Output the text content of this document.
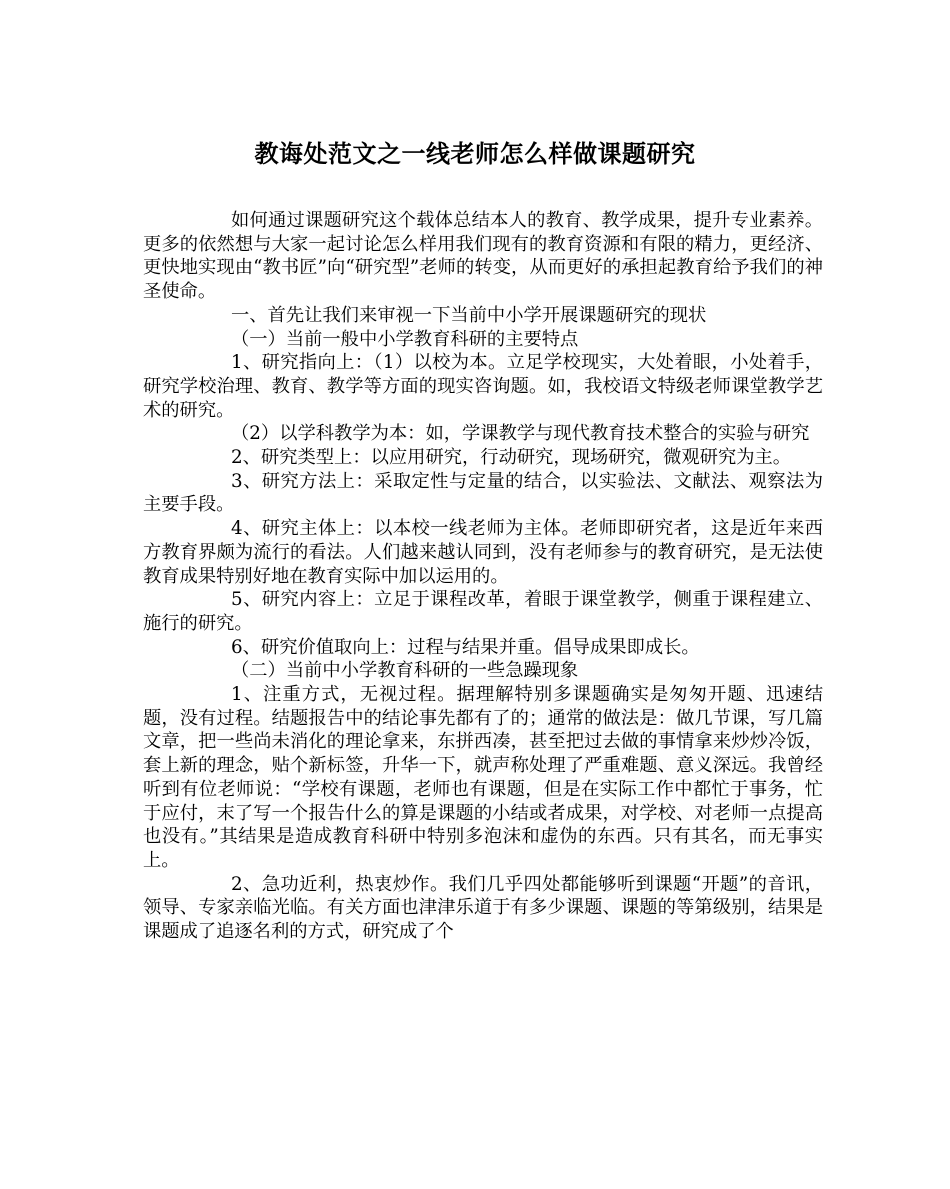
教诲处范文之一线老师怎么样做课题研究

如何通过课题研究这个载体总结本人的教育、教学成果，提升专业素养。更多的依然想与大家一起讨论怎么样用我们现有的教育资源和有限的精力，更经济、更快地实现由“教书匠”向“研究型”老师的转变，从而更好的承担起教育给予我们的神圣使命。

一、首先让我们来审视一下当前中小学开展课题研究的现状

（一）当前一般中小学教育科研的主要特点

1、研究指向上：（1）以校为本。立足学校现实，大处着眼，小处着手，研究学校治理、教育、教学等方面的现实咨询题。如，我校语文特级老师课堂教学艺术的研究。

（2）以学科教学为本：如，学课教学与现代教育技术整合的实验与研究

2、研究类型上：以应用研究，行动研究，现场研究，微观研究为主。

3、研究方法上：采取定性与定量的结合，以实验法、文献法、观察法为主要手段。

4、研究主体上：以本校一线老师为主体。老师即研究者，这是近年来西方教育界颇为流行的看法。人们越来越认同到，没有老师参与的教育研究，是无法使教育成果特别好地在教育实际中加以运用的。

5、研究内容上：立足于课程改革，着眼于课堂教学，侧重于课程建立、施行的研究。

6、研究价值取向上：过程与结果并重。倡导成果即成长。

（二）当前中小学教育科研的一些急躁现象

1、注重方式，无视过程。据理解特别多课题确实是匆匆开题、迅速结题，没有过程。结题报告中的结论事先都有了的；通常的做法是：做几节课，写几篇文章，把一些尚未消化的理论拿来，东拼西凑，甚至把过去做的事情拿来炒炒冷饭，套上新的理念，贴个新标签，升华一下，就声称处理了严重难题、意义深远。我曾经听到有位老师说：“学校有课题，老师也有课题，但是在实际工作中都忙于事务，忙于应付，末了写一个报告什么的算是课题的小结或者成果，对学校、对老师一点提高也没有。”其结果是造成教育科研中特别多泡沫和虚伪的东西。只有其名，而无事实上。

2、急功近利，热衷炒作。我们几乎四处都能够听到课题“开题”的音讯，领导、专家亲临光临。有关方面也津津乐道于有多少课题、课题的等第级别，结果是课题成了追逐名利的方式，研究成了个
